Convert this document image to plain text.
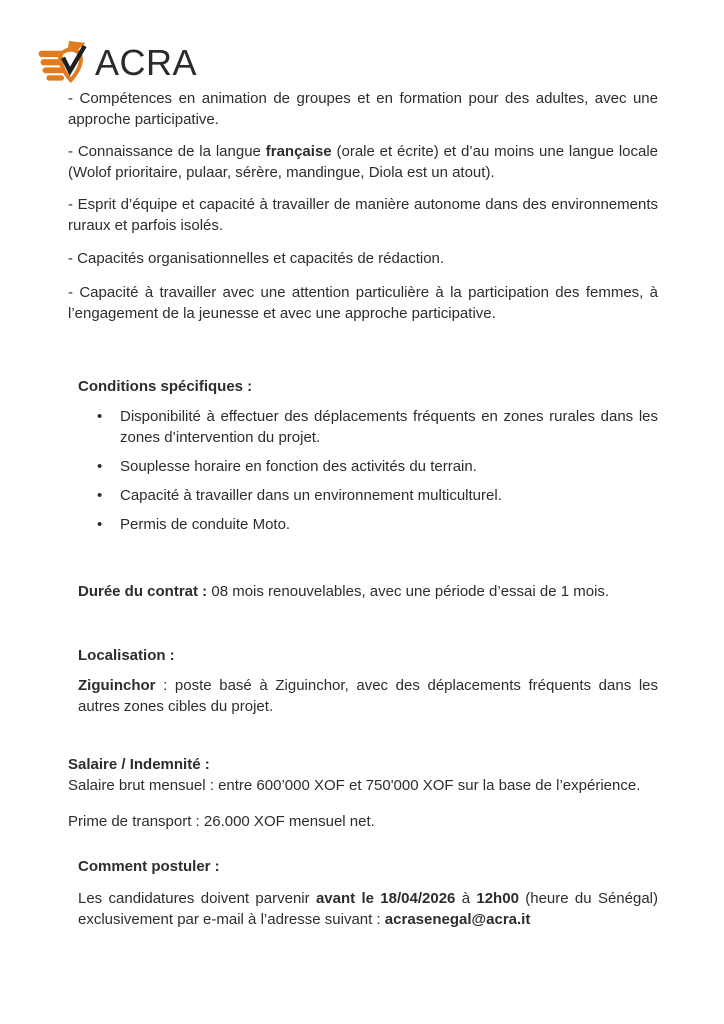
ACRA

- Compétences en animation de groupes et en formation pour des adultes, avec une approche participative.

- Connaissance de la langue française (orale et écrite) et d’au moins une langue locale (Wolof prioritaire, pulaar, sérère, mandingue, Diola est un atout).

- Esprit d’équipe et capacité à travailler de manière autonome dans des environnements ruraux et parfois isolés.

- Capacités organisationnelles et capacités de rédaction.

- Capacité à travailler avec une attention particulière à la participation des femmes, à l’engagement de la jeunesse et avec une approche participative.

Conditions spécifiques :

•	Disponibilité à effectuer des déplacements fréquents en zones rurales dans les zones d’intervention du projet.
•	Souplesse horaire en fonction des activités du terrain.
•	Capacité à travailler dans un environnement multiculturel.
•	Permis de conduite Moto.

Durée du contrat : 08 mois renouvelables, avec une période d’essai de 1 mois.

Localisation :

Ziguinchor : poste basé à Ziguinchor, avec des déplacements fréquents dans les autres zones cibles du projet.

Salaire / Indemnité :

Salaire brut mensuel : entre 600’000 XOF et 750'000 XOF sur la base de l’expérience.

Prime de transport : 26.000 XOF mensuel net.

Comment postuler :

Les candidatures doivent parvenir avant le 18/04/2026 à 12h00 (heure du Sénégal) exclusivement par e-mail à l’adresse suivant : acrasenegal@acra.it
